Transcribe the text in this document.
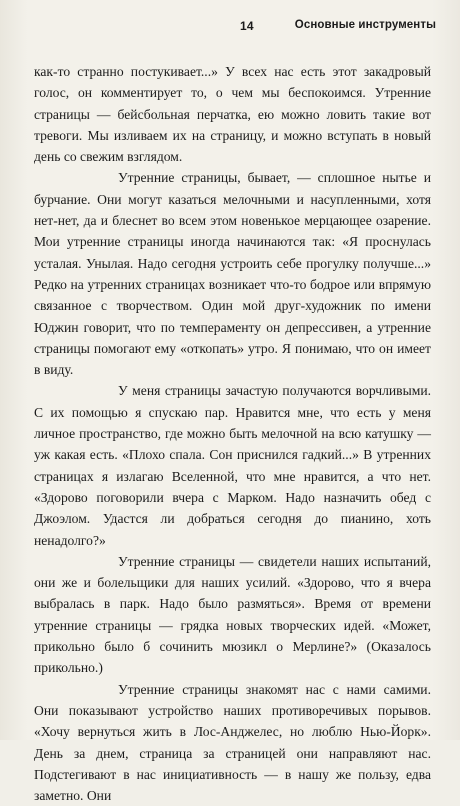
14	Основные инструменты

как-то странно постукивает...» У всех нас есть этот закадровый голос, он комментирует то, о чем мы беспокоимся. Утренние страницы — бейсбольная перчатка, ею можно ловить такие вот тревоги. Мы изливаем их на страницу, и можно вступать в новый день со свежим взглядом.

Утренние страницы, бывает, — сплошное нытье и бурчание. Они могут казаться мелочными и насупленными, хотя нет-нет, да и блеснет во всем этом новенькое мерцающее озарение. Мои утренние страницы иногда начинаются так: «Я проснулась усталая. Унылая. Надо сегодня устроить себе прогулку получше...» Редко на утренних страницах возникает что-то бодрое или впрямую связанное с творчеством. Один мой друг-художник по имени Юджин говорит, что по темпераменту он депрессивен, а утренние страницы помогают ему «откопать» утро. Я понимаю, что он имеет в виду.

У меня страницы зачастую получаются ворчливыми. С их помощью я спускаю пар. Нравится мне, что есть у меня личное пространство, где можно быть мелочной на всю катушку — уж какая есть. «Плохо спала. Сон приснился гадкий...» В утренних страницах я излагаю Вселенной, что мне нравится, а что нет. «Здорово поговорили вчера с Марком. Надо назначить обед с Джоэлом. Удастся ли добраться сегодня до пианино, хоть ненадолго?»

Утренние страницы — свидетели наших испытаний, они же и болельщики для наших усилий. «Здорово, что я вчера выбралась в парк. Надо было размяться». Время от времени утренние страницы — грядка новых творческих идей. «Может, прикольно было б сочинить мюзикл о Мерлине?» (Оказалось прикольно.)

Утренние страницы знакомят нас с нами самими. Они показывают устройство наших противоречивых порывов. «Хочу вернуться жить в Лос-Анджелес, но люблю Нью-Йорк». День за днем, страница за страницей они направляют нас. Подстегивают в нас инициативность — в нашу же пользу, едва заметно. Они
